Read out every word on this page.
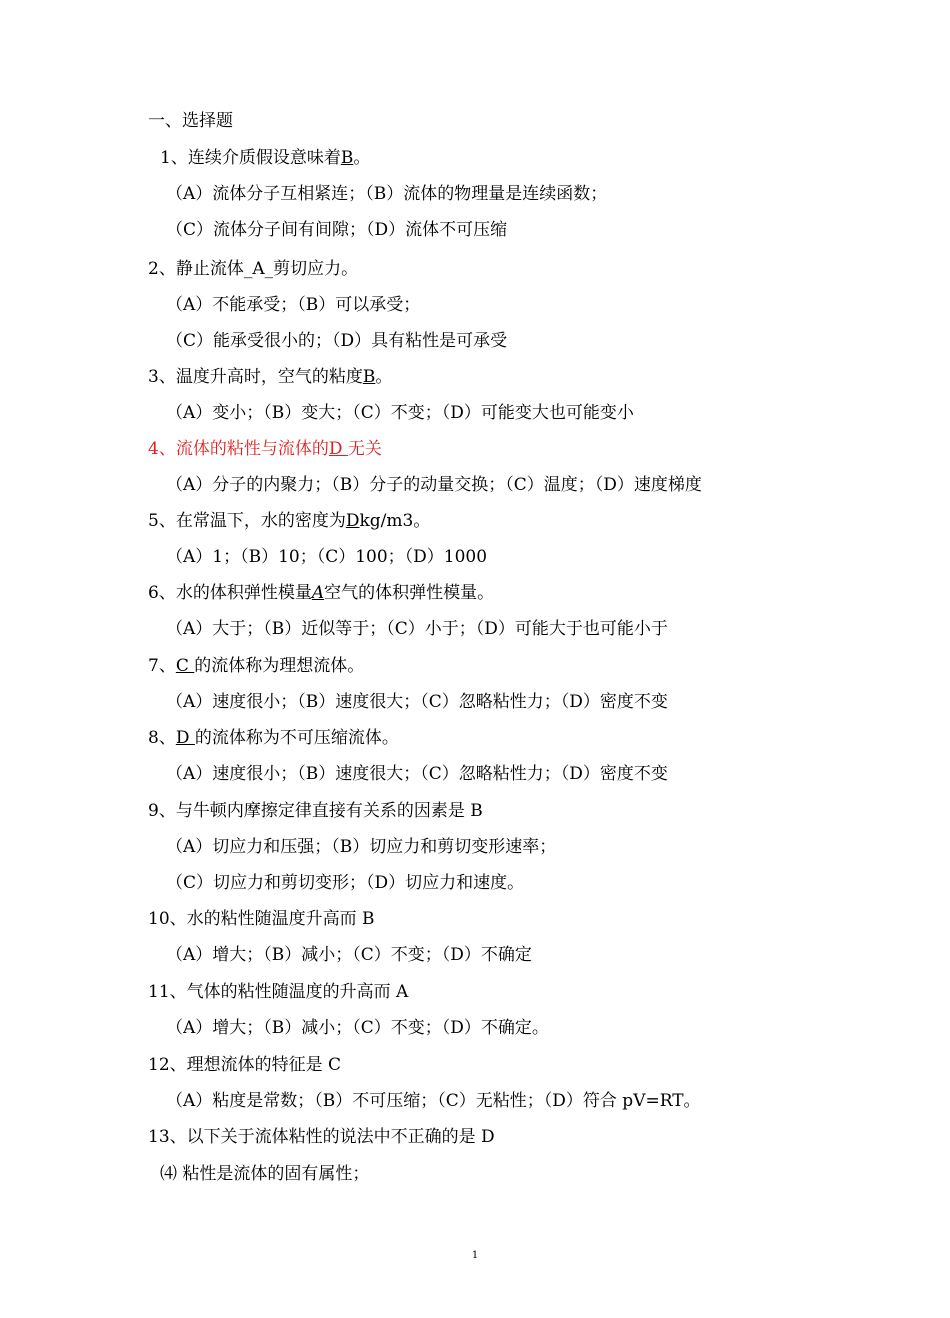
一、选择题
1、连续介质假设意味着B。
（A）流体分子互相紧连；（B）流体的物理量是连续函数；
（C）流体分子间有间隙；（D）流体不可压缩
2、静止流体_A_剪切应力。
（A）不能承受；（B）可以承受；
（C）能承受很小的；（D）具有粘性是可承受
3、温度升高时，空气的粘度B。
（A）变小；（B）变大；（C）不变；（D）可能变大也可能变小
4、流体的粘性与流体的D 无关
（A）分子的内聚力；（B）分子的动量交换；（C）温度；（D）速度梯度
5、在常温下，水的密度为Dkg/m3。
（A）1；（B）10；（C）100；（D）1000
6、水的体积弹性模量A空气的体积弹性模量。
（A）大于；（B）近似等于；（C）小于；（D）可能大于也可能小于
7、C 的流体称为理想流体。
（A）速度很小；（B）速度很大；（C）忽略粘性力；（D）密度不变
8、D 的流体称为不可压缩流体。
（A）速度很小；（B）速度很大；（C）忽略粘性力；（D）密度不变
9、与牛顿内摩擦定律直接有关系的因素是 B
（A）切应力和压强；（B）切应力和剪切变形速率；
（C）切应力和剪切变形；（D）切应力和速度。
10、水的粘性随温度升高而 B
（A）增大；（B）减小；（C）不变；（D）不确定
11、气体的粘性随温度的升高而 A
（A）增大；（B）减小；（C）不变；（D）不确定。
12、理想流体的特征是 C
（A）粘度是常数；（B）不可压缩；（C）无粘性；（D）符合 pV=RT。
13、以下关于流体粘性的说法中不正确的是 D
⑷ 粘性是流体的固有属性；
1
